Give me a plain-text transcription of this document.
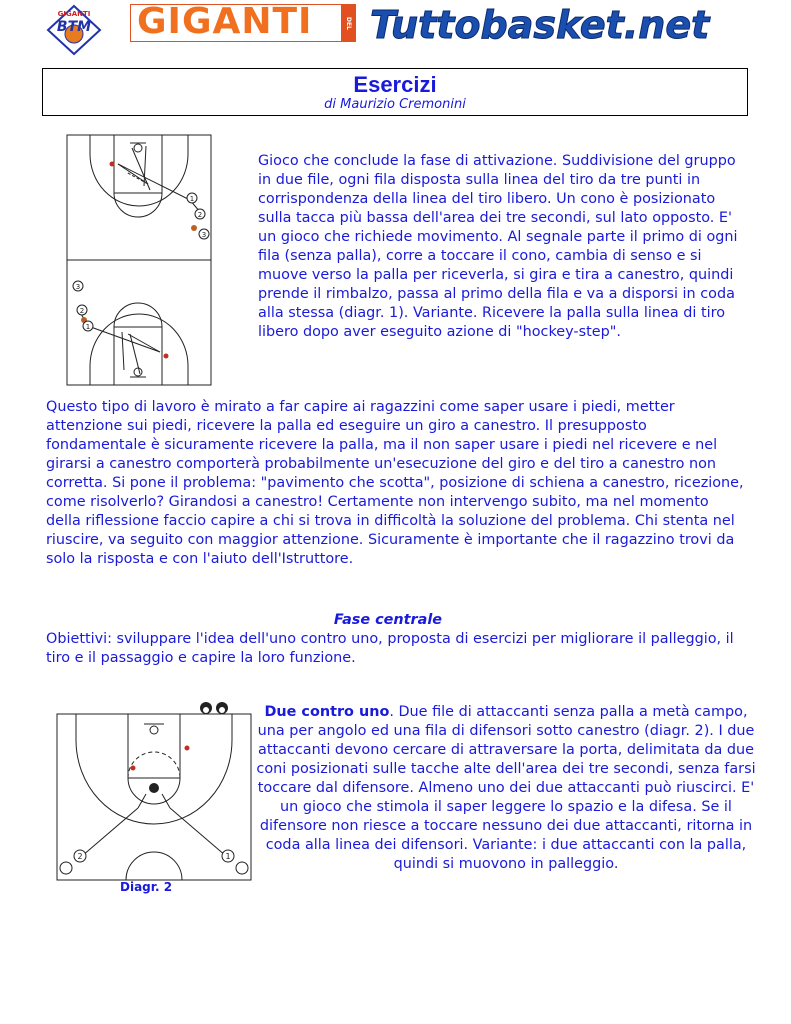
GIGANTI
BTM GIGANTI	DEL BASKET Tuttobasket.net
Esercizi
di Maurizio Cremonini
1
2
3
3
2
1
Gioco che conclude la fase di attivazione. Suddivisione del gruppo in due file, ogni fila disposta sulla linea del tiro da tre punti in corrispondenza della linea del tiro libero. Un cono è posizionato sulla tacca più bassa dell'area dei tre secondi, sul lato opposto. E' un gioco che richiede movimento. Al segnale parte il primo di ogni fila (senza palla), corre a toccare il cono, cambia di senso e si muove verso la palla per riceverla, si gira e tira a canestro, quindi prende il rimbalzo, passa al primo della fila e va a disporsi in coda alla stessa (diagr. 1). Variante. Ricevere la palla sulla linea di tiro libero dopo aver eseguito azione di "hockey-step".
Questo tipo di lavoro è mirato a far capire ai ragazzini come saper usare i piedi, metter attenzione sui piedi, ricevere la palla ed eseguire un giro a canestro. Il presupposto fondamentale è sicuramente ricevere la palla, ma il non saper usare i piedi nel ricevere e nel girarsi a canestro comporterà probabilmente un'esecuzione del giro e del tiro a canestro non corretta. Si pone il problema: "pavimento che scotta", posizione di schiena a canestro, ricezione, come risolverlo? Girandosi a canestro! Certamente non intervengo subito, ma nel momento della riflessione faccio capire a chi si trova in difficoltà la soluzione del problema. Chi stenta nel riuscire, va seguito con maggior attenzione. Sicuramente è importante che il ragazzino trovi da solo la risposta e con l'aiuto dell'Istruttore.
Fase centrale
Obiettivi: sviluppare l'idea dell'uno contro uno, proposta di esercizi per migliorare il palleggio, il tiro e il passaggio e capire la loro funzione.
2	1
Diagr. 2
Due contro uno. Due file di attaccanti senza palla a metà campo, una per angolo ed una fila di difensori sotto canestro (diagr. 2). I due attaccanti devono cercare di attraversare la porta, delimitata da due coni posizionati sulle tacche alte dell'area dei tre secondi, senza farsi toccare dal difensore. Almeno uno dei due attaccanti può riuscirci. E' un gioco che stimola il saper leggere lo spazio e la difesa. Se il difensore non riesce a toccare nessuno dei due attaccanti, ritorna in coda alla linea dei difensori. Variante: i due attaccanti con la palla, quindi si muovono in palleggio.
